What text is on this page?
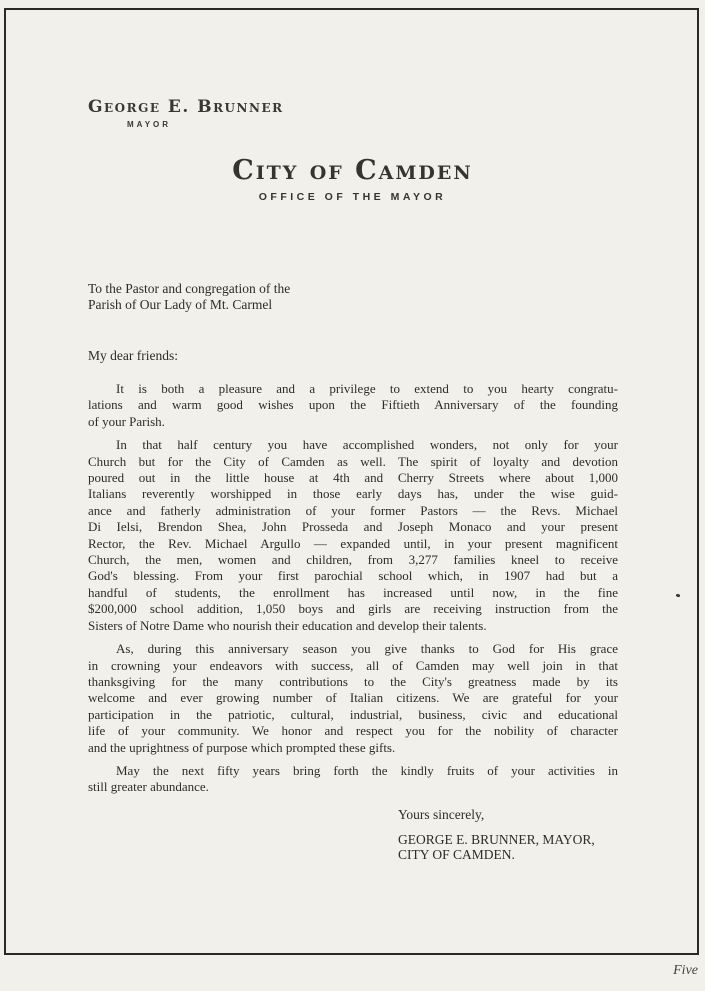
George E. Brunner
MAYOR
City of Camden
OFFICE OF THE MAYOR
To the Pastor and congregation of the
Parish of Our Lady of Mt. Carmel
My dear friends:
It is both a pleasure and a privilege to extend to you hearty congratu-
lations and warm good wishes upon the Fiftieth Anniversary of the founding
of your Parish.
In that half century you have accomplished wonders, not only for your
Church but for the City of Camden as well. The spirit of loyalty and devotion
poured out in the little house at 4th and Cherry Streets where about 1,000
Italians reverently worshipped in those early days has, under the wise guid-
ance and fatherly administration of your former Pastors — the Revs. Michael
Di Ielsi, Brendon Shea, John Prosseda and Joseph Monaco and your present
Rector, the Rev. Michael Argullo — expanded until, in your present magnificent
Church, the men, women and children, from 3,277 families kneel to receive
God's blessing. From your first parochial school which, in 1907 had but a
handful of students, the enrollment has increased until now, in the fine
$200,000 school addition, 1,050 boys and girls are receiving instruction from the
Sisters of Notre Dame who nourish their education and develop their talents.
As, during this anniversary season you give thanks to God for His grace
in crowning your endeavors with success, all of Camden may well join in that
thanksgiving for the many contributions to the City's greatness made by its
welcome and ever growing number of Italian citizens. We are grateful for your
participation in the patriotic, cultural, industrial, business, civic and educational
life of your community. We honor and respect you for the nobility of character
and the uprightness of purpose which prompted these gifts.
May the next fifty years bring forth the kindly fruits of your activities in
still greater abundance.
Yours sincerely,
GEORGE E. BRUNNER, MAYOR,
CITY OF CAMDEN.
Five
